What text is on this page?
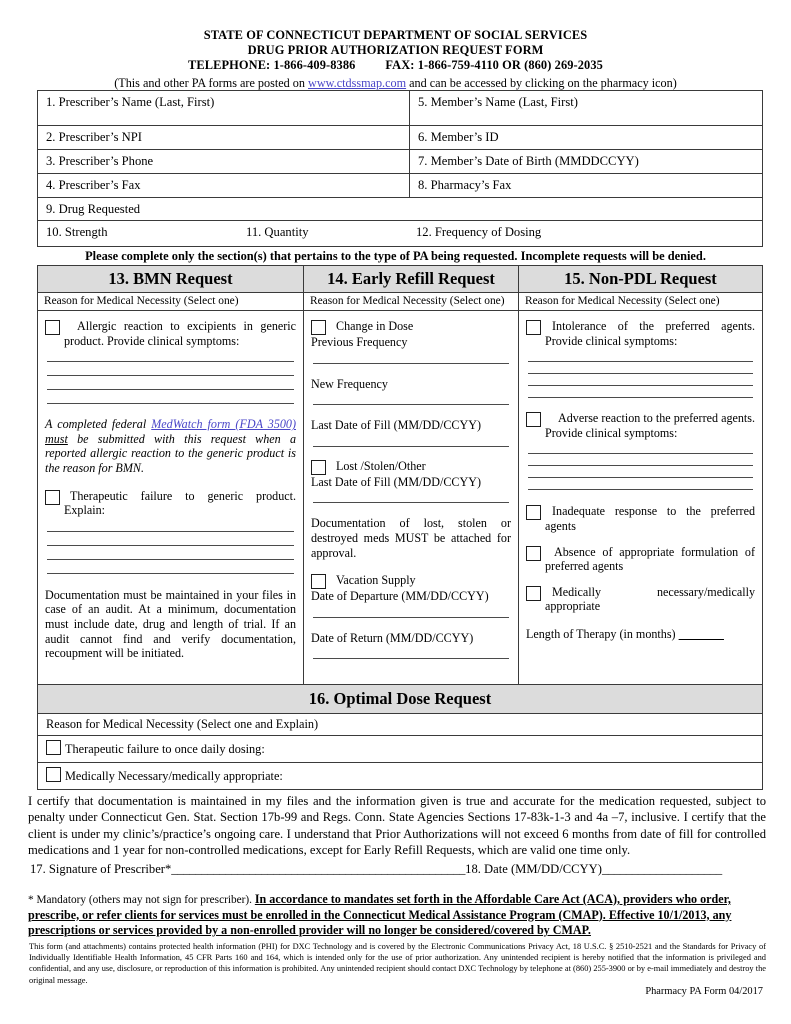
STATE OF CONNECTICUT DEPARTMENT OF SOCIAL SERVICES
DRUG PRIOR AUTHORIZATION REQUEST FORM
TELEPHONE: 1-866-409-8386 FAX: 1-866-759-4110 OR (860) 269-2035
(This and other PA forms are posted on www.ctdssmap.com and can be accessed by clicking on the pharmacy icon)
1. Prescriber’s Name (Last, First)	5. Member’s Name (Last, First)
2. Prescriber’s NPI	6. Member’s ID
3. Prescriber’s Phone	7. Member’s Date of Birth (MMDDCCYY)
4. Prescriber’s Fax	8. Pharmacy’s Fax
9. Drug Requested
10. Strength	11. Quantity	12. Frequency of Dosing
Please complete only the section(s) that pertains to the type of PA being requested. Incomplete requests will be denied.
13. BMN Request	14. Early Refill Request	15. Non-PDL Request
Reason for Medical Necessity (Select one)	Reason for Medical Necessity (Select one)	Reason for Medical Necessity (Select one)
Allergic reaction to excipients in generic product. Provide clinical symptoms:
A completed federal MedWatch form (FDA 3500) must be submitted with this request when a reported allergic reaction to the generic product is the reason for BMN.
Therapeutic failure to generic product. Explain:
Documentation must be maintained in your files in case of an audit. At a minimum, documentation must include date, drug and length of trial. If an audit cannot find and verify documentation, recoupment will be initiated.
Change in Dose
Previous Frequency
New Frequency
Last Date of Fill (MM/DD/CCYY)
Lost /Stolen/Other
Last Date of Fill (MM/DD/CCYY)
Documentation of lost, stolen or destroyed meds MUST be attached for approval.
Vacation Supply
Date of Departure (MM/DD/CCYY)
Date of Return (MM/DD/CCYY)
Intolerance of the preferred agents. Provide clinical symptoms:
Adverse reaction to the preferred agents. Provide clinical symptoms:
Inadequate response to the preferred agents
Absence of appropriate formulation of preferred agents
Medically necessary/medically appropriate
Length of Therapy (in months)
16. Optimal Dose Request
Reason for Medical Necessity (Select one and Explain)
Therapeutic failure to once daily dosing:
Medically Necessary/medically appropriate:
I certify that documentation is maintained in my files and the information given is true and accurate for the medication requested, subject to penalty under Connecticut Gen. Stat. Section 17b-99 and Regs. Conn. State Agencies Sections 17-83k-1-3 and 4a –7, inclusive. I certify that the client is under my clinic’s/practice’s ongoing care. I understand that Prior Authorizations will not exceed 6 months from date of fill for controlled medications and 1 year for non-controlled medications, except for Early Refill Requests, which are valid one time only.
17. Signature of Prescriber*_________________________________________________18. Date (MM/DD/CCYY)____________________
* Mandatory (others may not sign for prescriber). In accordance to mandates set forth in the Affordable Care Act (ACA), providers who order, prescribe, or refer clients for services must be enrolled in the Connecticut Medical Assistance Program (CMAP). Effective 10/1/2013, any prescriptions or services provided by a non-enrolled provider will no longer be considered/covered by CMAP.
This form (and attachments) contains protected health information (PHI) for DXC Technology and is covered by the Electronic Communications Privacy Act, 18 U.S.C. § 2510-2521 and the Standards for Privacy of Individually Identifiable Health Information, 45 CFR Parts 160 and 164, which is intended only for the use of prior authorization. Any unintended recipient is hereby notified that the information is privileged and confidential, and any use, disclosure, or reproduction of this information is prohibited. Any unintended recipient should contact DXC Technology by telephone at (860) 255-3900 or by e-mail immediately and destroy the original message.
Pharmacy PA Form 04/2017
